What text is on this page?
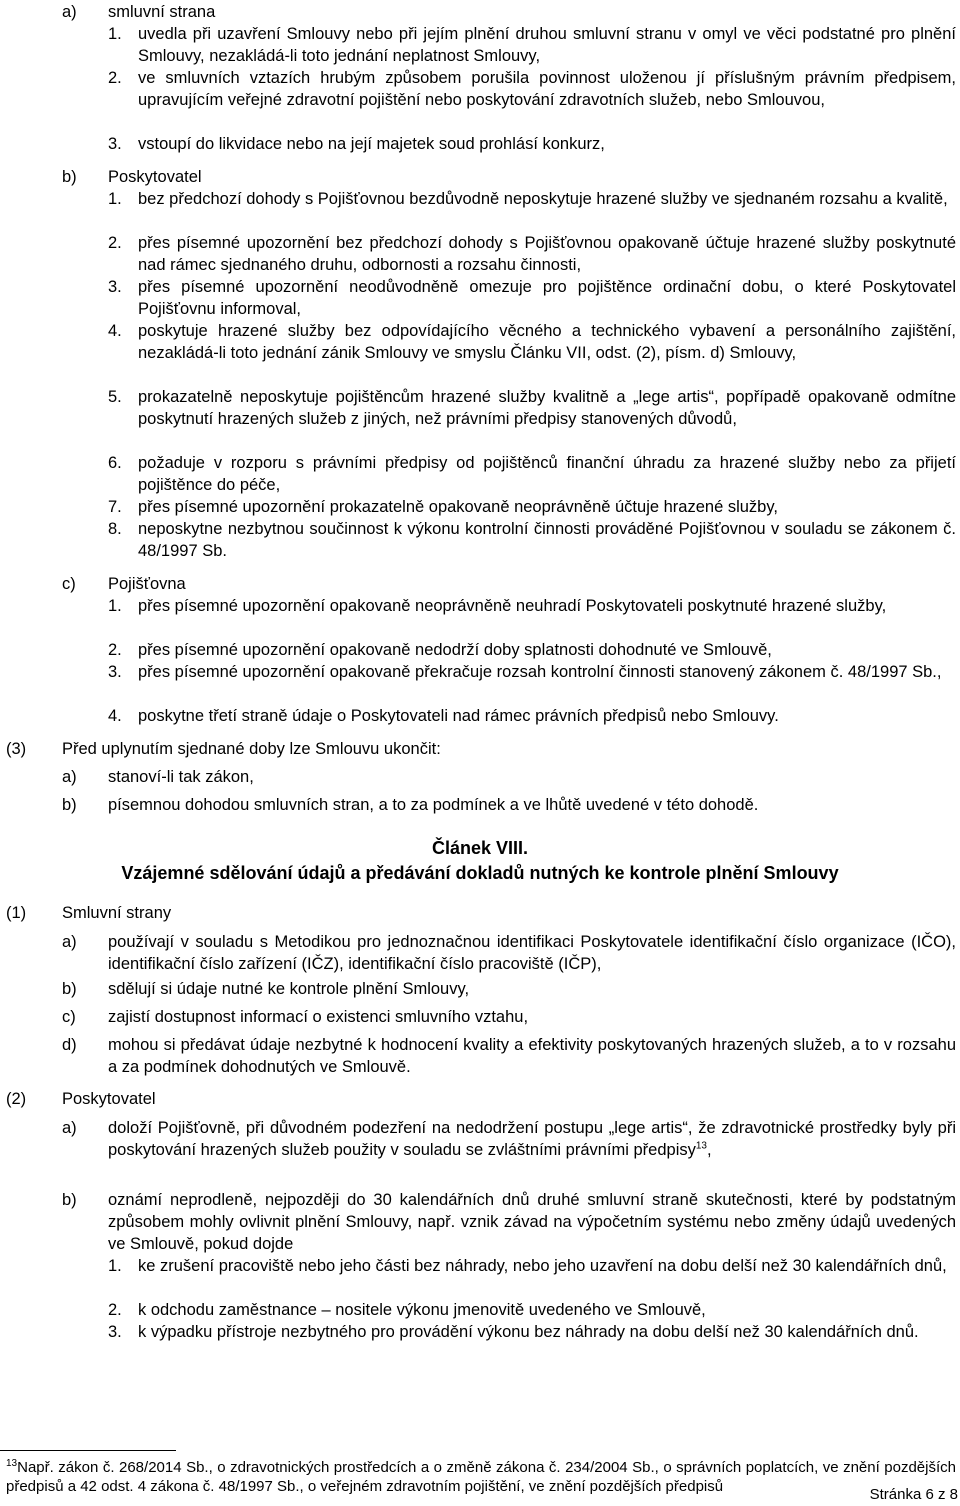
a) smluvní strana
1. uvedla při uzavření Smlouvy nebo při jejím plnění druhou smluvní stranu v omyl ve věci podstatné pro plnění Smlouvy, nezakládá-li toto jednání neplatnost Smlouvy,
2. ve smluvních vztazích hrubým způsobem porušila povinnost uloženou jí příslušným právním předpisem, upravujícím veřejné zdravotní pojištění nebo poskytování zdravotních služeb, nebo Smlouvou,
3. vstoupí do likvidace nebo na její majetek soud prohlásí konkurz,
b) Poskytovatel
1. bez předchozí dohody s Pojišťovnou bezdůvodně neposkytuje hrazené služby ve sjednaném rozsahu a kvalitě,
2. přes písemné upozornění bez předchozí dohody s Pojišťovnou opakovaně účtuje hrazené služby poskytnuté nad rámec sjednaného druhu, odbornosti a rozsahu činnosti,
3. přes písemné upozornění neodůvodněně omezuje pro pojištěnce ordinační dobu, o které Poskytovatel Pojišťovnu informoval,
4. poskytuje hrazené služby bez odpovídajícího věcného a technického vybavení a personálního zajištění, nezakládá-li toto jednání zánik Smlouvy ve smyslu Článku VII, odst. (2), písm. d) Smlouvy,
5. prokazatelně neposkytuje pojištěncům hrazené služby kvalitně a „lege artis“, popřípadě opakovaně odmítne poskytnutí hrazených služeb z jiných, než právními předpisy stanovených důvodů,
6. požaduje v rozporu s právními předpisy od pojištěnců finanční úhradu za hrazené služby nebo za přijetí pojištěnce do péče,
7. přes písemné upozornění prokazatelně opakovaně neoprávněně účtuje hrazené služby,
8. neposkytne nezbytnou součinnost k výkonu kontrolní činnosti prováděné Pojišťovnou v souladu se zákonem č. 48/1997 Sb.
c) Pojišťovna
1. přes písemné upozornění opakovaně neoprávněně neuhradí Poskytovateli poskytnuté hrazené služby,
2. přes písemné upozornění opakovaně nedodrží doby splatnosti dohodnuté ve Smlouvě,
3. přes písemné upozornění opakovaně překračuje rozsah kontrolní činnosti stanovený zákonem č. 48/1997 Sb.,
4. poskytne třetí straně údaje o Poskytovateli nad rámec právních předpisů nebo Smlouvy.
(3) Před uplynutím sjednané doby lze Smlouvu ukončit:
a) stanoví-li tak zákon,
b) písemnou dohodou smluvních stran, a to za podmínek a ve lhůtě uvedené v této dohodě.
Článek VIII.
Vzájemné sdělování údajů a předávání dokladů nutných ke kontrole plnění Smlouvy
(1) Smluvní strany
a) používají v souladu s Metodikou pro jednoznačnou identifikaci Poskytovatele identifikační číslo organizace (IČO), identifikační číslo zařízení (IČZ), identifikační číslo pracoviště (IČP),
b) sdělují si údaje nutné ke kontrole plnění Smlouvy,
c) zajistí dostupnost informací o existenci smluvního vztahu,
d) mohou si předávat údaje nezbytné k hodnocení kvality a efektivity poskytovaných hrazených služeb, a to v rozsahu a za podmínek dohodnutých ve Smlouvě.
(2) Poskytovatel
a) doloží Pojišťovně, při důvodném podezření na nedodržení postupu „lege artis“, že zdravotnické prostředky byly při poskytování hrazených služeb použity v souladu se zvláštními právními předpisy$^{13}$,
b) oznámí neprodleně, nejpozději do 30 kalendářních dnů druhé smluvní straně skutečnosti, které by podstatným způsobem mohly ovlivnit plnění Smlouvy, např. vznik závad na výpočetním systému nebo změny údajů uvedených ve Smlouvě, pokud dojde
1. ke zrušení pracoviště nebo jeho části bez náhrady, nebo jeho uzavření na dobu delší než 30 kalendářních dnů,
2. k odchodu zaměstnance – nositele výkonu jmenovitě uvedeného ve Smlouvě,
3. k výpadku přístroje nezbytného pro provádění výkonu bez náhrady na dobu delší než 30 kalendářních dnů.
$^{13}$Např. zákon č. 268/2014 Sb., o zdravotnických prostředcích a o změně zákona č. 234/2004 Sb., o správních poplatcích, ve znění pozdějších předpisů a 42 odst. 4 zákona č. 48/1997 Sb., o veřejném zdravotním pojištění, ve znění pozdějších předpisů	Stránka 6 z 8
